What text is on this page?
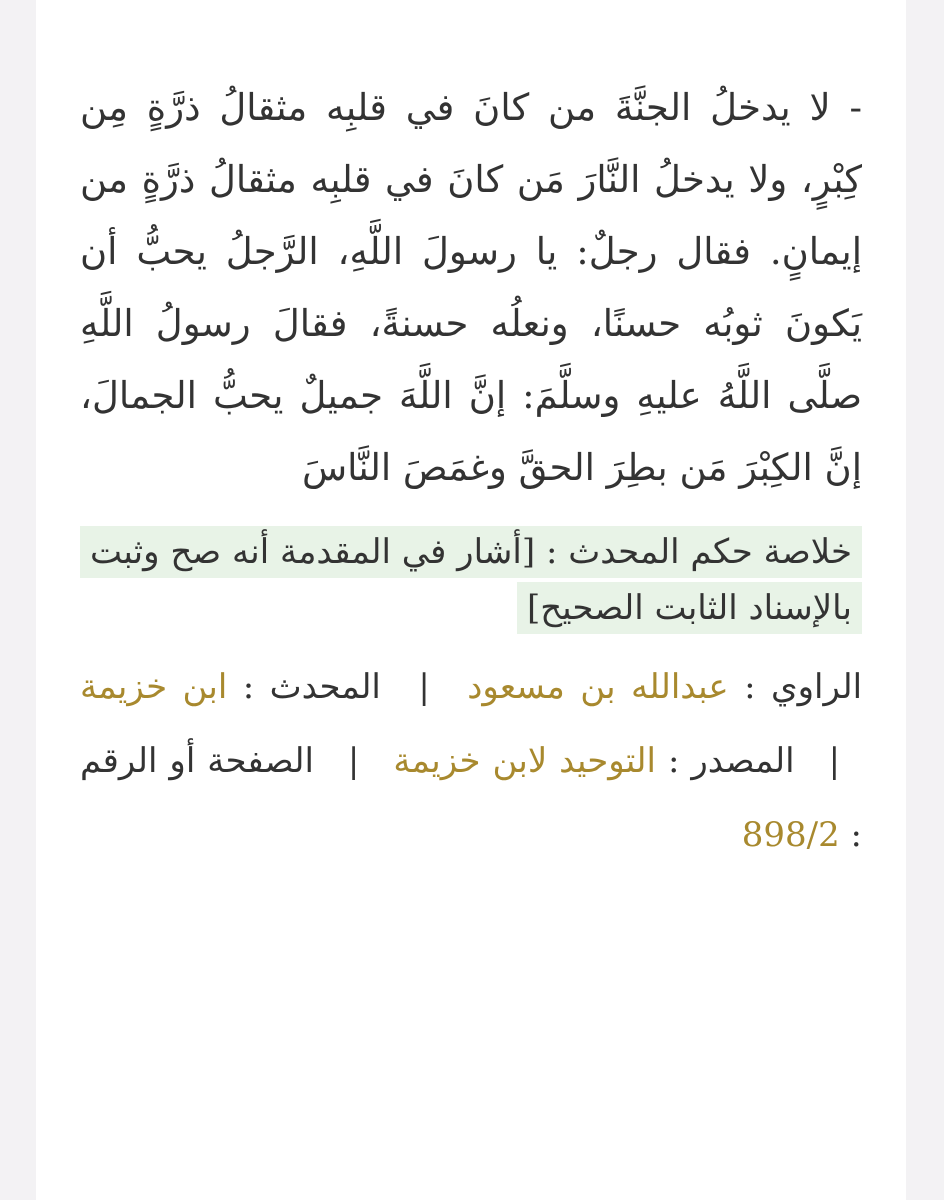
- لا يدخلُ الجنَّةَ من كانَ في قلبِه مثقالُ ذرَّةٍ مِن كِبْرٍ، ولا يدخلُ النَّارَ مَن كانَ في قلبِه مثقالُ ذرَّةٍ من إيمانٍ. فقال رجلٌ: يا رسولَ اللَّهِ، الرَّجلُ يحبُّ أن يَكونَ ثوبُه حسنًا، ونعلُه حسنةً، فقالَ رسولُ اللَّهِ صلَّى اللَّهُ عليهِ وسلَّمَ: إنَّ اللَّهَ جميلٌ يحبُّ الجمالَ، إنَّ الكِبْرَ مَن بطِرَ الحقَّ وغمَصَ النَّاسَ

خلاصة حكم المحدث : [أشار في المقدمة أنه صح وثبت بالإسناد الثابت الصحيح]
الراوي : عبدالله بن مسعود | المحدث : ابن خزيمة | المصدر : التوحيد لابن خزيمة | الصفحة أو الرقم : 898/2
